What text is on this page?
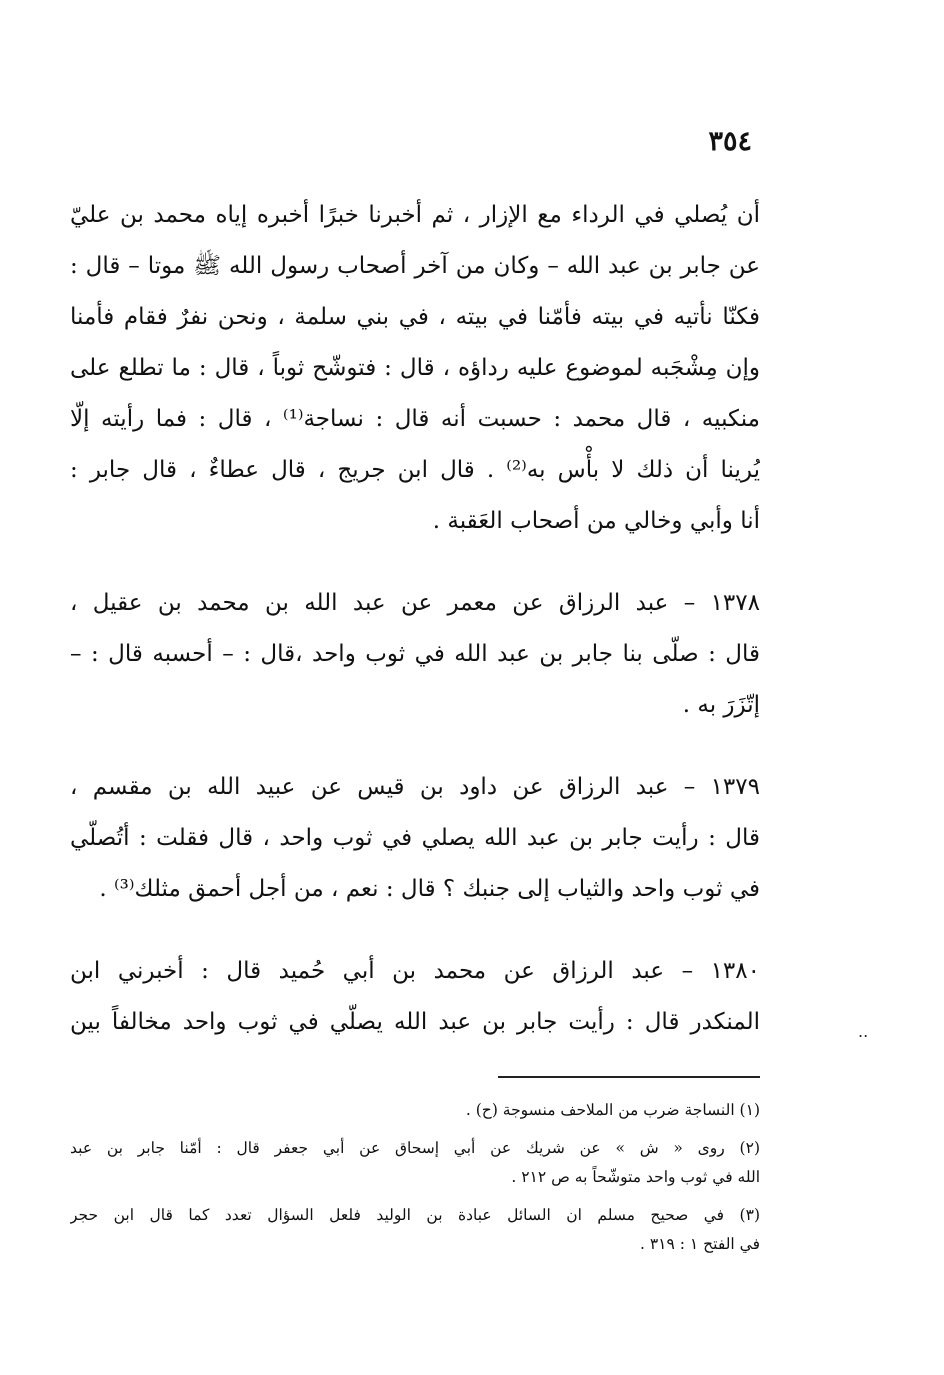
٣٥٤
أن يُصلي في الرداء مع الإزار ، ثم أخبرنا خبرًا أخبره إياه محمد بن عليّ
عن جابر بن عبد الله – وكان من آخر أصحاب رسول الله ﷺ موتا – قال :
فكنّا نأتيه في بيته فأمّنا في بيته ، في بني سلمة ، ونحن نفرٌ فقام فأمنا
وإن مِشْجَبه لموضوع عليه رداؤه ، قال : فتوشّح ثوباً ، قال : ما تطلع على
منكبيه ، قال محمد : حسبت أنه قال : نساجة⁽¹⁾ ، قال : فما رأيته إلّا
يُرينا أن ذلك لا بأْس به⁽²⁾ . قال ابن جريج ، قال عطاءٌ ، قال جابر :
أنا وأبي وخالي من أصحاب العَقبة .
١٣٧٨ – عبد الرزاق عن معمر عن عبد الله بن محمد بن عقيل ،
قال : صلّى بنا جابر بن عبد الله في ثوب واحد ،قال : – أحسبه قال : –
إتّزَرَ به .
١٣٧٩ – عبد الرزاق عن داود بن قيس عن عبيد الله بن مقسم ،
قال : رأيت جابر بن عبد الله يصلي في ثوب واحد ، قال فقلت : أتُصلّي
في ثوب واحد والثياب إلى جنبك ؟ قال : نعم ، من أجل أحمق مثلك⁽³⁾ .
١٣٨٠ – عبد الرزاق عن محمد بن أبي حُميد قال : أخبرني ابن
المنكدر قال : رأيت جابر بن عبد الله يصلّي في ثوب واحد مخالفاً بين
(١) النساجة ضرب من الملاحف منسوجة (ح) .
(٢) روى « ش » عن شريك عن أبي إسحاق عن أبي جعفر قال : أمّنا جابر بن عبد
الله في ثوب واحد متوشّحاً به ص ٢١٢ .
(٣) في صحيح مسلم ان السائل عبادة بن الوليد فلعل السؤال تعدد كما قال ابن حجر
في الفتح ١ : ٣١٩ .
..
